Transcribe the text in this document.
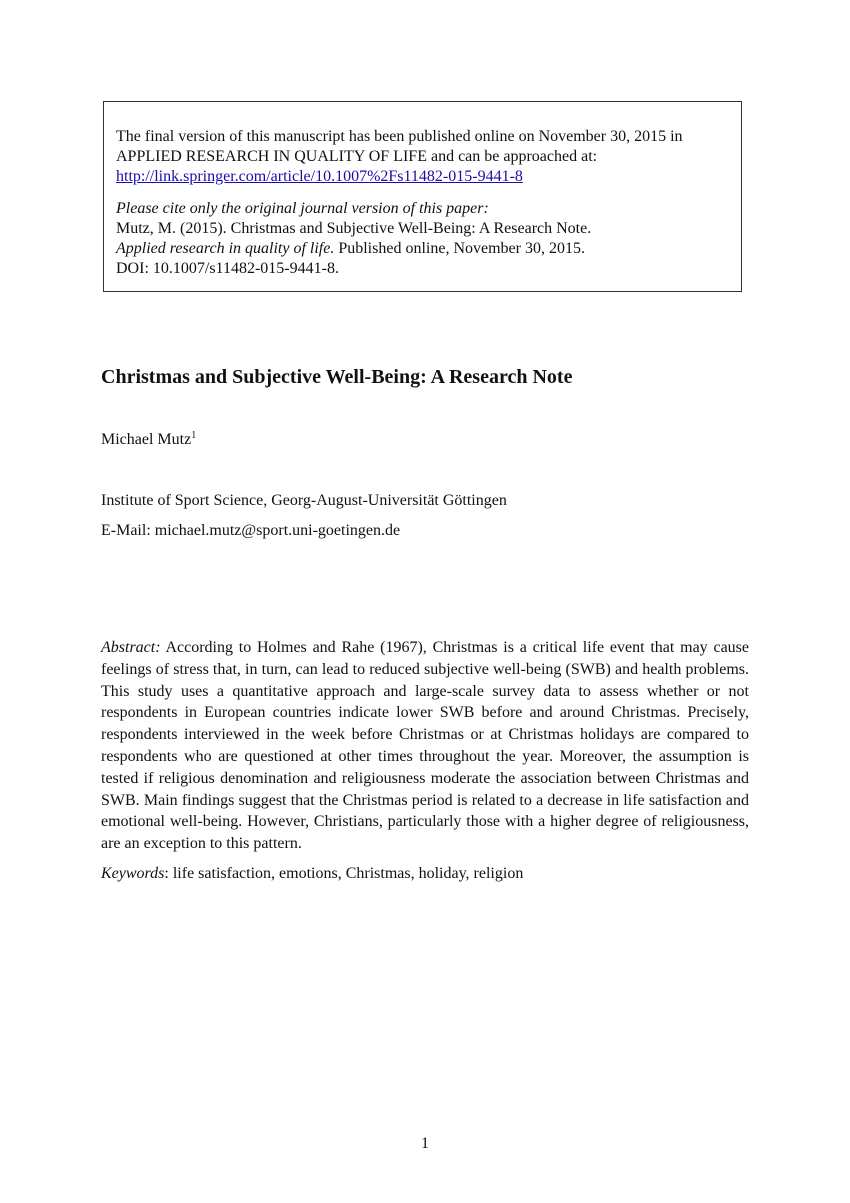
The final version of this manuscript has been published online on November 30, 2015 in APPLIED RESEARCH IN QUALITY OF LIFE and can be approached at:
http://link.springer.com/article/10.1007%2Fs11482-015-9441-8

Please cite only the original journal version of this paper:
Mutz, M. (2015). Christmas and Subjective Well-Being: A Research Note.
Applied research in quality of life. Published online, November 30, 2015.
DOI: 10.1007/s11482-015-9441-8.

Christmas and Subjective Well-Being: A Research Note
Michael Mutz$^1$
Institute of Sport Science, Georg-August-Universität Göttingen
E-Mail: michael.mutz@sport.uni-goetingen.de

Abstract: According to Holmes and Rahe (1967), Christmas is a critical life event that may cause feelings of stress that, in turn, can lead to reduced subjective well-being (SWB) and health problems. This study uses a quantitative approach and large-scale survey data to assess whether or not respondents in European countries indicate lower SWB before and around Christmas. Precisely, respondents interviewed in the week before Christmas or at Christmas holidays are compared to respondents who are questioned at other times throughout the year. Moreover, the assumption is tested if religious denomination and religiousness moderate the association between Christmas and SWB. Main findings suggest that the Christmas period is related to a decrease in life satisfaction and emotional well-being. However, Christians, particularly those with a higher degree of religiousness, are an exception to this pattern.

Keywords: life satisfaction, emotions, Christmas, holiday, religion

1
